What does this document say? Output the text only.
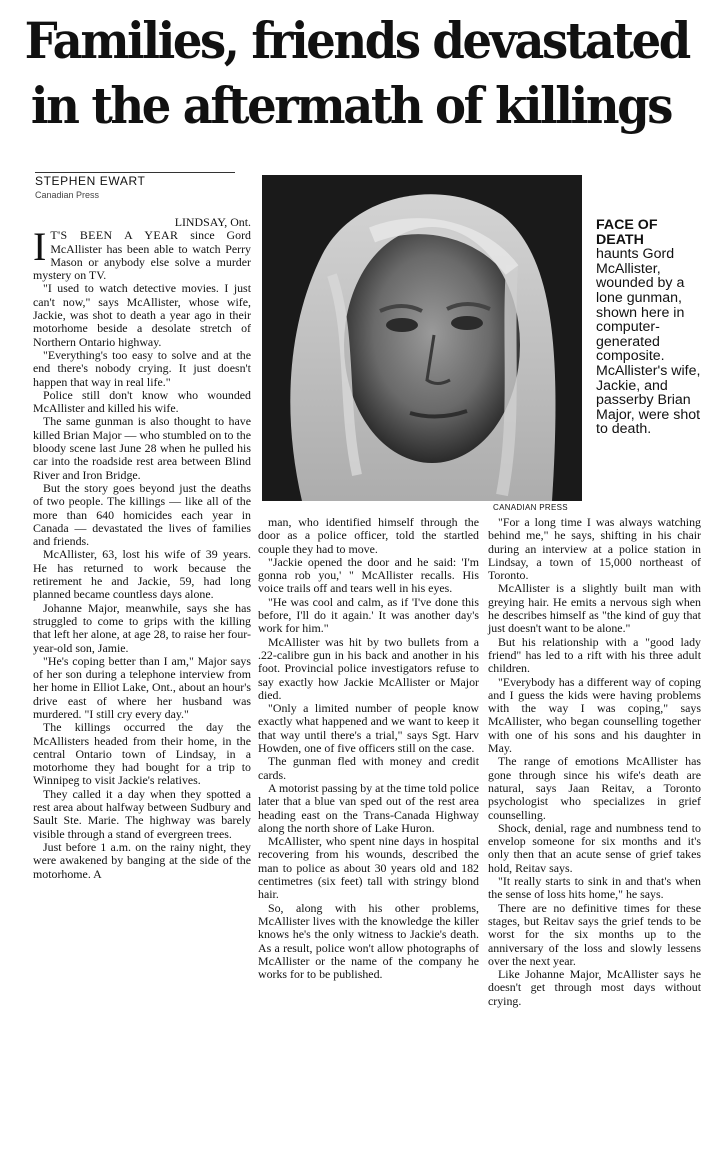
Families, friends devastated
in the aftermath of killings
STEPHEN EWART
Canadian Press
CANADIAN PRESS
FACE OF DEATH
haunts Gord McAllister, wounded by a lone gunman, shown here in computer-generated composite. McAllister's wife, Jackie, and passerby Brian Major, were shot to death.

LINDSAY, Ont.

I T'S BEEN A YEAR since Gord McAllister has been able to watch Perry Mason or anybody else solve a murder mystery on TV.

"I used to watch detective movies. I just can't now," says McAllister, whose wife, Jackie, was shot to death a year ago in their motorhome beside a desolate stretch of Northern Ontario highway.

"Everything's too easy to solve and at the end there's nobody crying. It just doesn't happen that way in real life."

Police still don't know who wounded McAllister and killed his wife.

The same gunman is also thought to have killed Brian Major — who stumbled on to the bloody scene last June 28 when he pulled his car into the roadside rest area between Blind River and Iron Bridge.

But the story goes beyond just the deaths of two people. The killings — like all of the more than 640 homicides each year in Canada — devastated the lives of families and friends.

McAllister, 63, lost his wife of 39 years. He has returned to work because the retirement he and Jackie, 59, had long planned became countless days alone.

Johanne Major, meanwhile, says she has struggled to come to grips with the killing that left her alone, at age 28, to raise her four-year-old son, Jamie.

"He's coping better than I am," Major says of her son during a telephone interview from her home in Elliot Lake, Ont., about an hour's drive east of where her husband was murdered. "I still cry every day."

The killings occurred the day the McAllisters headed from their home, in the central Ontario town of Lindsay, in a motorhome they had bought for a trip to Winnipeg to visit Jackie's relatives.

They called it a day when they spotted a rest area about halfway between Sudbury and Sault Ste. Marie. The highway was barely visible through a stand of evergreen trees.

Just before 1 a.m. on the rainy night, they were awakened by banging at the side of the motorhome. A

man, who identified himself through the door as a police officer, told the startled couple they had to move.

"Jackie opened the door and he said: 'I'm gonna rob you,' " McAllister recalls. His voice trails off and tears well in his eyes.

"He was cool and calm, as if 'I've done this before, I'll do it again.' It was another day's work for him."

McAllister was hit by two bullets from a .22-calibre gun in his back and another in his foot. Provincial police investigators refuse to say exactly how Jackie McAllister or Major died.

"Only a limited number of people know exactly what happened and we want to keep it that way until there's a trial," says Sgt. Harv Howden, one of five officers still on the case.

The gunman fled with money and credit cards.

A motorist passing by at the time told police later that a blue van sped out of the rest area heading east on the Trans-Canada Highway along the north shore of Lake Huron.

McAllister, who spent nine days in hospital recovering from his wounds, described the man to police as about 30 years old and 182 centimetres (six feet) tall with stringy blond hair.

So, along with his other problems, McAllister lives with the knowledge the killer knows he's the only witness to Jackie's death. As a result, police won't allow photographs of McAllister or the name of the company he works for to be published.

"For a long time I was always watching behind me," he says, shifting in his chair during an interview at a police station in Lindsay, a town of 15,000 northeast of Toronto.

McAllister is a slightly built man with greying hair. He emits a nervous sigh when he describes himself as "the kind of guy that just doesn't want to be alone."

But his relationship with a "good lady friend" has led to a rift with his three adult children.

"Everybody has a different way of coping and I guess the kids were having problems with the way I was coping," says McAllister, who began counselling together with one of his sons and his daughter in May.

The range of emotions McAllister has gone through since his wife's death are natural, says Jaan Reitav, a Toronto psychologist who specializes in grief counselling.

Shock, denial, rage and numbness tend to envelop someone for six months and it's only then that an acute sense of grief takes hold, Reitav says.

"It really starts to sink in and that's when the sense of loss hits home," he says.

There are no definitive times for these stages, but Reitav says the grief tends to be worst for the six months up to the anniversary of the loss and slowly lessens over the next year.

Like Johanne Major, McAllister says he doesn't get through most days without crying.
